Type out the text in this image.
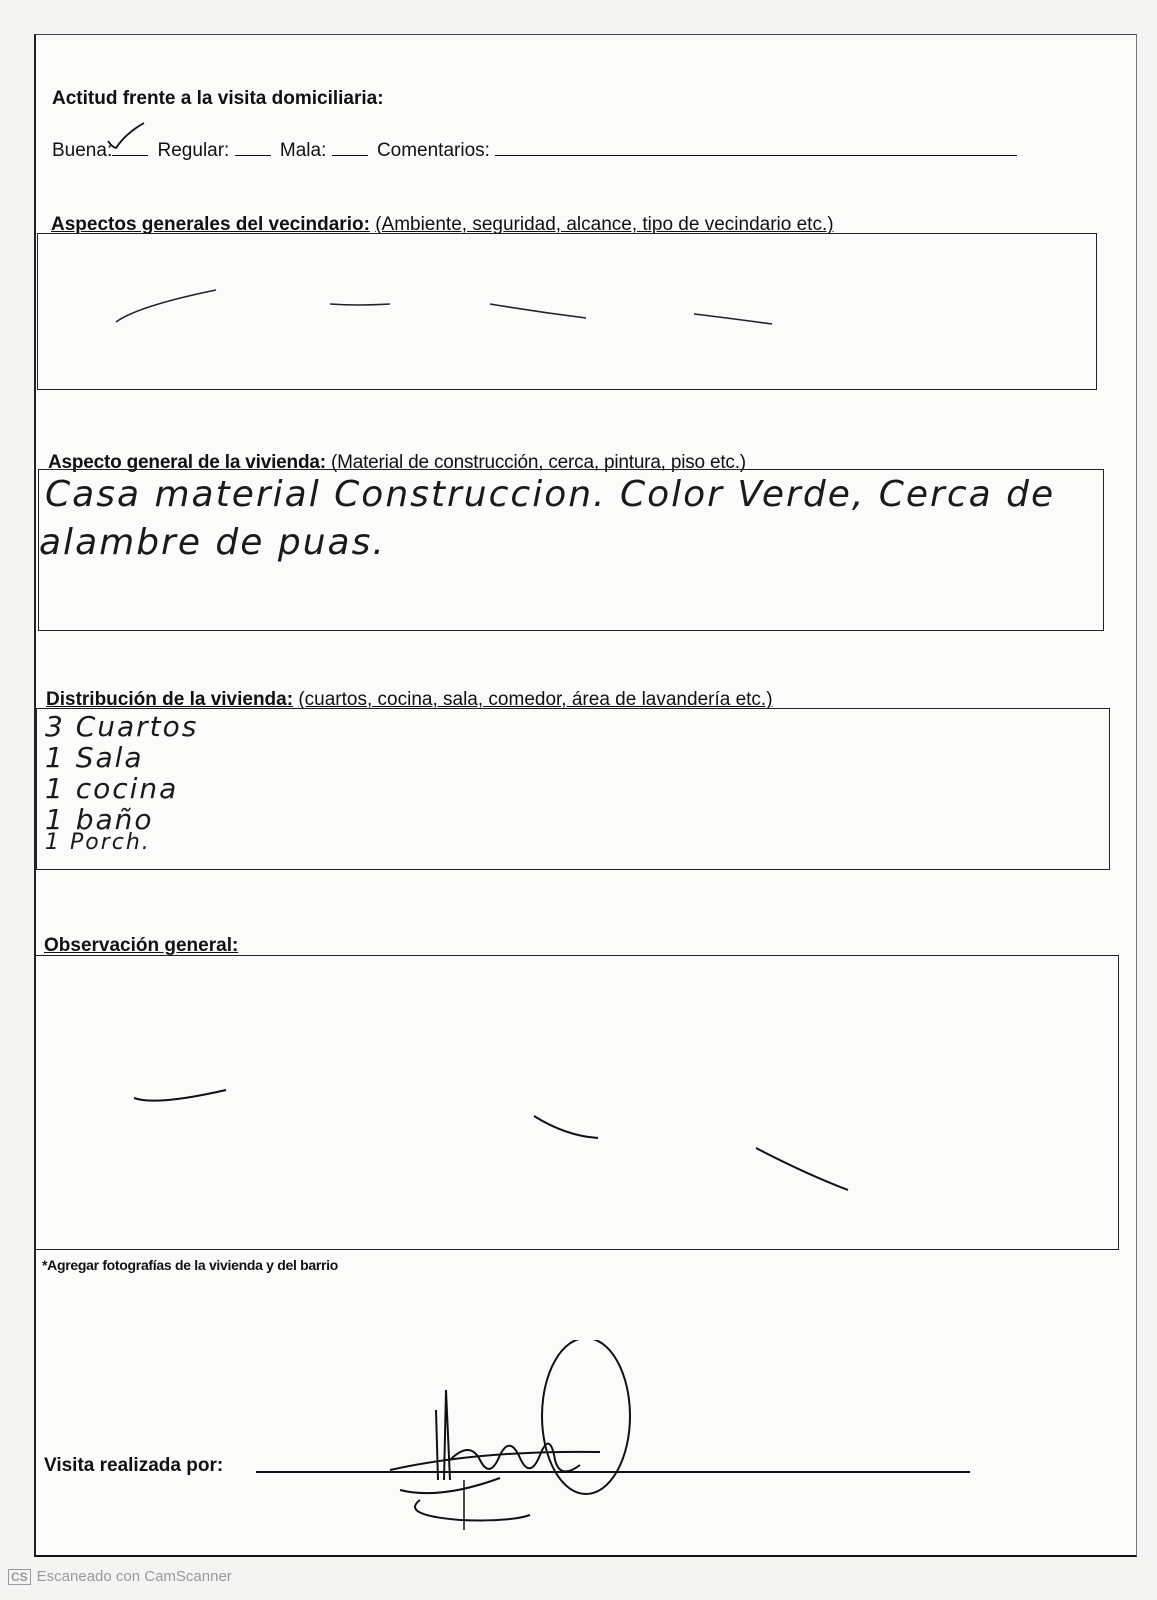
Actitud frente a la visita domiciliaria:
Buena: Regular:	Mala:	Comentarios:
Aspectos generales del vecindario: (Ambiente, seguridad, alcance, tipo de vecindario etc.)
Aspecto general de la vivienda: (Material de construcción, cerca, pintura, piso etc.)
Casa material Construccion. Color Verde, Cerca de
alambre de puas.
Distribución de la vivienda: (cuartos, cocina, sala, comedor, área de lavandería etc.)
3 Cuartos
1 Sala
1 cocina
1 baño
1 Porch.
Observación general:
*Agregar fotografías de la vivienda y del barrio
Visita realizada por:
CS Escaneado con CamScanner
